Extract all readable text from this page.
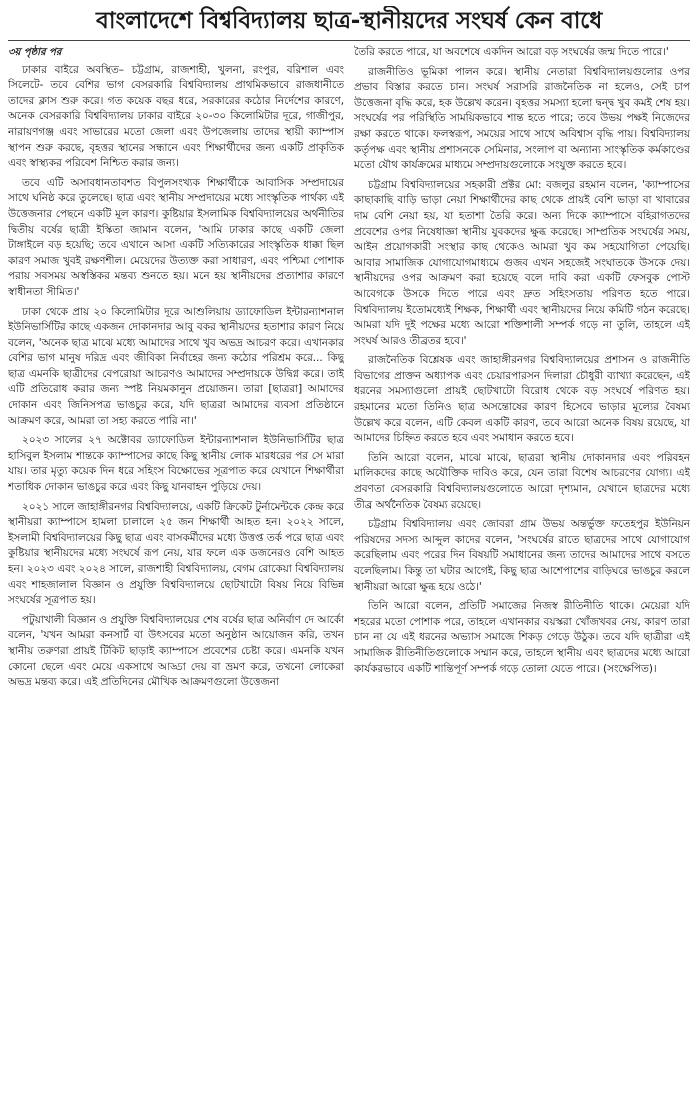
বাংলাদেশে বিশ্ববিদ্যালয় ছাত্র-স্থানীয়দের সংঘর্ষ কেন বাধে
৩য় পৃষ্ঠার পর

ঢাকার বাইরে অবস্থিত– চট্টগ্রাম, রাজশাহী, খুলনা, রংপুর, বরিশাল এবং সিলেটে- তবে বেশির ভাগ বেসরকারি বিশ্ববিদ্যালয় প্রাথমিকভাবে রাজধানীতে তাদের ক্লাস শুরু করে। গত কয়েক বছর ধরে, সরকারের কঠোর নির্দেশের কারণে, অনেক বেসরকারি বিশ্ববিদ্যালয় ঢাকার বাইরে ২০-৩০ কিলোমিটার দূরে, গাজীপুর, নারায়ণগঞ্জ এবং সাভারের মতো জেলা এবং উপজেলায় তাদের স্থায়ী ক্যাম্পাস স্থাপন শুরু করছে, বৃহত্তর স্থানের সন্ধানে এবং শিক্ষার্থীদের জন্য একটি প্রাকৃতিক এবং স্বাস্থ্যকর পরিবেশ নিশ্চিত করার জন্য।

তবে এটি অসাবধানতাবশত বিপুলসংখ্যক শিক্ষার্থীকে আবাসিক সম্প্রদায়ের সাথে ঘনিষ্ঠ করে তুলেছে। ছাত্র এবং স্থানীয় সম্প্রদায়ের মধ্যে সাংস্কৃতিক পার্থক্য এই উত্তেজনার পেছনে একটি মূল কারণ। কুষ্টিয়ার ইসলামিক বিশ্ববিদ্যালয়ের অর্থনীতির দ্বিতীয় বর্ষের ছাত্রী ইস্কিতা জামান বলেন, 'আমি ঢাকার কাছে একটি জেলা টাঙ্গাইলে বড় হয়েছি; তবে এখানে আসা একটি সত্যিকারের সাংস্কৃতিক ধাক্কা ছিল কারণ সমাজ খুবই রক্ষণশীল। মেয়েদের উত্যক্ত করা সাধারণ, এবং পশ্চিমা পোশাক পরায় সবসময় অস্বস্তিকর মন্তব্য শুনতে হয়। মনে হয় স্থানীয়দের প্রত্যাশার কারণে স্বাধীনতা সীমিত।'

ঢাকা থেকে প্রায় ২০ কিলোমিটার দূরে আশুলিয়ায় ড্যাফোডিল ইন্টারন্যাশনাল ইউনিভার্সিটির কাছে একজন দোকানদার আবু বকর স্থানীয়দের হতাশার কারণ নিয়ে বলেন, 'অনেক ছাত্র মাঝে মধ্যে আমাদের সাথে খুব অভদ্র আচরণ করে। এখানকার বেশির ভাগ মানুষ দরিদ্র এবং জীবিকা নির্বাহের জন্য কঠোর পরিশ্রম করে... কিছু ছাত্র এমনকি ছাত্রীদের বেপরোয়া আচরণও আমাদের সম্প্রদায়কে উদ্বিগ্ন করে। তাই এটি প্রতিরোধ করার জন্য স্পষ্ট নিয়মকানুন প্রয়োজন। তারা [ছাত্ররা] আমাদের দোকান এবং জিনিসপত্র ভাঙচুর করে, যদি ছাত্ররা আমাদের ব্যবসা প্রতিষ্ঠানে আক্রমণ করে, আমরা তা সহ্য করতে পারি না।'

২০২৩ সালের ২৭ অক্টোবর ড্যাফোডিল ইন্টারন্যাশনাল ইউনিভার্সিটির ছাত্র হাসিবুল ইসলাম শান্তকে ক্যাম্পাসের কাছে কিছু স্থানীয় লোক মারধরের পর সে মারা যায়। তার মৃত্যু কয়েক দিন ধরে সহিংস বিক্ষোভের সূত্রপাত করে যেখানে শিক্ষার্থীরা শতাধিক দোকান ভাঙচুর করে এবং কিছু যানবাহন পুড়িয়ে দেয়।

২০২১ সালে জাহাঙ্গীরনগর বিশ্ববিদ্যালয়ে, একটি ক্রিকেট টুর্নামেন্টকে কেন্দ্র করে স্থানীয়রা ক্যাম্পাসে হামলা চালালে ২৫ জন শিক্ষার্থী আহত হন। ২০২২ সালে, ইসলামী বিশ্ববিদ্যালয়ের কিছু ছাত্র এবং বাসকর্মীদের মধ্যে উত্তপ্ত তর্ক পরে ছাত্র এবং কুষ্টিয়ার স্থানীয়দের মধ্যে সংঘর্ষে রূপ নেয়, যার ফলে এক ডজনেরও বেশি আহত হন। ২০২৩ এবং ২০২৪ সালে, রাজশাহী বিশ্ববিদ্যালয়, বেগম রোকেয়া বিশ্ববিদ্যালয় এবং শাহজালাল বিজ্ঞান ও প্রযুক্তি বিশ্ববিদ্যালয়ে ছোটখাটো বিষয় নিয়ে বিভিন্ন সংঘর্ষের সূত্রপাত হয়।

পটুয়াখালী বিজ্ঞান ও প্রযুক্তি বিশ্ববিদ্যালয়ের শেষ বর্ষের ছাত্র অনির্বাণ দে আর্কো বলেন, 'যখন আমরা কনসার্ট বা উৎসবের মতো অনুষ্ঠান আয়োজন করি, তখন স্থানীয় তরুণরা প্রায়ই টিকিট ছাড়াই ক্যাম্পাসে প্রবেশের চেষ্টা করে। এমনকি যখন কোনো ছেলে এবং মেয়ে একসাথে আড্ডা দেয় বা ভ্রমণ করে, তখনো লোকেরা অভদ্র মন্তব্য করে। এই প্রতিদিনের মৌখিক আক্রমণগুলো উত্তেজনা

তৈরি করতে পারে, যা অবশেষে একদিন আরো বড় সংঘর্ষের জন্ম দিতে পারে।'

রাজনীতিও ভূমিকা পালন করে। স্থানীয় নেতারা বিশ্ববিদ্যালয়গুলোর ওপর প্রভাব বিস্তার করতে চান। সংঘর্ষ সরাসরি রাজনৈতিক না হলেও, সেই চাপ উত্তেজনা বৃদ্ধি করে, হক উল্লেখ করেন। বৃহত্তর সমস্যা হলো দ্বন্দ্ব খুব কমই শেষ হয়। সংঘর্ষের পর পরিস্থিতি সাময়িকভাবে শান্ত হতে পারে; তবে উভয় পক্ষই নিজেদের রক্ষা করতে থাকে। ফলস্বরূপ, সময়ের সাথে সাথে অবিশ্বাস বৃদ্ধি পায়। বিশ্ববিদ্যালয় কর্তৃপক্ষ এবং স্থানীয় প্রশাসনকে সেমিনার, সংলাপ বা অন্যান্য সাংস্কৃতিক কর্মকাণ্ডের মতো যৌথ কার্যক্রমের মাধ্যমে সম্প্রদায়গুলোকে সংযুক্ত করতে হবে।

চট্টগ্রাম বিশ্ববিদ্যালয়ের সহকারী প্রক্টর মো: বজলুর রহমান বলেন, 'ক্যাম্পাসের কাছাকাছি বাড়ি ভাড়া নেয়া শিক্ষার্থীদের কাছ থেকে প্রায়ই বেশি ভাড়া বা খাবারের দাম বেশি নেয়া হয়, যা হতাশা তৈরি করে। অন্য দিকে ক্যাম্পাসে বহিরাগতদের প্রবেশের ওপর নিষেধাজ্ঞা স্থানীয় যুবকদের ক্ষুব্ধ করেছে। সাম্প্রতিক সংঘর্ষের সময়, আইন প্রয়োগকারী সংস্থার কাছ থেকেও আমরা খুব কম সহযোগিতা পেয়েছি। আবার সামাজিক যোগাযোগমাধ্যমে গুজব এখন সহজেই সংঘাতকে উসকে দেয়। স্থানীয়দের ওপর আক্রমণ করা হয়েছে বলে দাবি করা একটি ফেসবুক পোস্ট আবেগকে উসকে দিতে পারে এবং দ্রুত সহিংসতায় পরিণত হতে পারে। বিশ্ববিদ্যালয় ইতোমধ্যেই শিক্ষক, শিক্ষার্থী এবং স্থানীয়দের নিয়ে কমিটি গঠন করেছে। আমরা যদি দুই পক্ষের মধ্যে আরো শক্তিশালী সম্পর্ক গড়ে না তুলি, তাহলে এই সংঘর্ষ আরও তীব্রতর হবে।'

রাজনৈতিক বিশ্লেষক এবং জাহাঙ্গীরনগর বিশ্ববিদ্যালয়ের প্রশাসন ও রাজনীতি বিভাগের প্রাক্তন অধ্যাপক এবং চেয়ারপারসন দিলারা চৌধুরী ব্যাখ্যা করেছেন, এই ধরনের সমস্যাগুলো প্রায়ই ছোটখাটো বিরোধ থেকে বড় সংঘর্ষে পরিণত হয়। রহমানের মতো তিনিও ছাত্র অসন্তোষের কারণ হিসেবে ভাড়ার মূল্যের বৈষম্য উল্লেখ করে বলেন, এটি কেবল একটি কারণ, তবে আরো অনেক বিষয় রয়েছে, যা আমাদের চিহ্নিত করতে হবে এবং সমাধান করতে হবে।

তিনি আরো বলেন, মাঝে মাঝে, ছাত্ররা স্থানীয় দোকানদার এবং পরিবহন মালিকদের কাছে অযৌক্তিক দাবিও করে, যেন তারা বিশেষ আচরণের যোগ্য। এই প্রবণতা বেসরকারি বিশ্ববিদ্যালয়গুলোতে আরো দৃশ্যমান, যেখানে ছাত্রদের মধ্যে তীব্র অর্থনৈতিক বৈষম্য রয়েছে।

চট্টগ্রাম বিশ্ববিদ্যালয় এবং জোবরা গ্রাম উভয় অন্তর্ভুক্ত ফতেহপুর ইউনিয়ন পরিষদের সদস্য আব্দুল কাদের বলেন, 'সংঘর্ষের রাতে ছাত্রদের সাথে যোগাযোগ করেছিলাম এবং পরের দিন বিষয়টি সমাধানের জন্য তাদের আমাদের সাথে বসতে বলেছিলাম। কিন্তু তা ঘটার আগেই, কিছু ছাত্র আশেপাশের বাড়িঘরে ভাঙচুর করলে স্থানীয়রা আরো ক্ষুব্ধ হয়ে ওঠে।'

তিনি আরো বলেন, প্রতিটি সমাজের নিজস্ব রীতিনীতি থাকে। মেয়েরা যদি শহরের মতো পোশাক পরে, তাহলে এখানকার বয়স্করা খোঁজখবর নেয়, কারণ তারা চান না যে এই ধরনের অভ্যাস সমাজে শিকড় গেড়ে উঠুক। তবে যদি ছাত্রীরা এই সামাজিক রীতিনীতিগুলোকে সম্মান করে, তাহলে স্থানীয় এবং ছাত্রদের মধ্যে আরো কার্যকরভাবে একটি শান্তিপূর্ণ সম্পর্ক গড়ে তোলা যেতে পারে। (সংক্ষেপিত)।
